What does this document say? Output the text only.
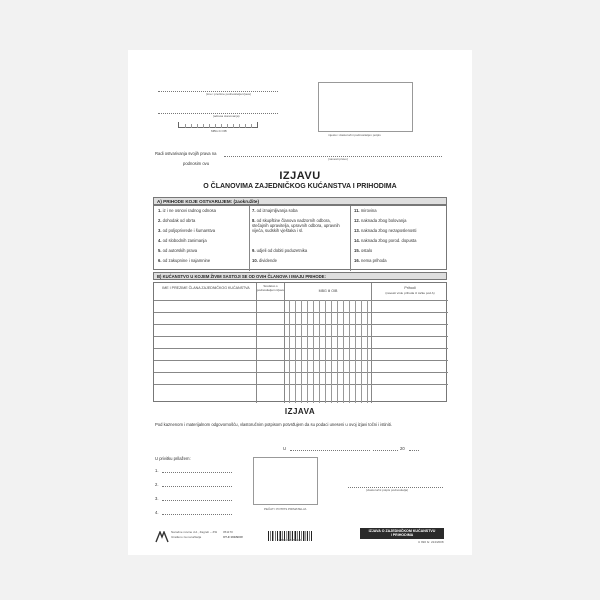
(ime i prezime podnositelja izjave)
(adresa stanovanja)
MBG ili OIB
mjesto i vlastoručni podnositeljev potpis
Radi ostvarivanja svojih prava na
(navesti pravo)
podnosim ovu
IZJAVU
O ČLANOVIMA ZAJEDNIČKOG KUĆANSTVA I PRIHODIMA
A) PRIHODE KOJE OSTVARUJEM: (zaokružite)
1. iz i ne osnovi radnog odnosa
2. dohodak od obrta
3. od poljoprivrede i šumarstva
4. od slobodnih zanimanja
5. od autorskih prava
6. od zakupnine i najamnine
7. od iznajmljivanja soba
8. od skupštine članova nadzornih odbora, stečajnih upravitelja, upravnih odbora, upravnih vijeća, sudskih vještaka i sl.
9. udjeli od dobiti poduzetnika
10. dividende
11. mirovina
12. naknada zbog bolovanja
13. naknada zbog nezaposlenosti
14. naknada zbog porod. dopusta
15. ostalo
16. nema prihoda
B) KUĆANSTVO U KOJEM ŽIVIM SASTOJI SE OD OVIH ČLANOVA I IMAJU PRIHODE:
IME I PREZIME ČLANA ZAJEDNIČKOG KUĆANSTVA	Srodstvo s podnositeljem izjave	MBG ili OIB
Prihodi
(navesti vrstu prihoda iz točke pod A)
IZJAVA
Pod kaznenom i materijalnom odgovornošću, vlastoručnim potpisom potvrđujem da su podaci uneseni u ovoj izjavi točni i istiniti.
U	20
U privitku prilažem:
1.
2.
3.
4.
PEČAT I POTPIS PRIMATELJA
(vlastoručni potpis podnositelja)
Narodne novine d.d., Zagreb – ZSI
Izrađeno za naručitelja
051170
UT-II 101/NCR
3 850157 056608
IZJAVA O ZAJEDNIČKOM KUĆANSTVU
I PRIHODIMA
U 990 br. 224/2008
